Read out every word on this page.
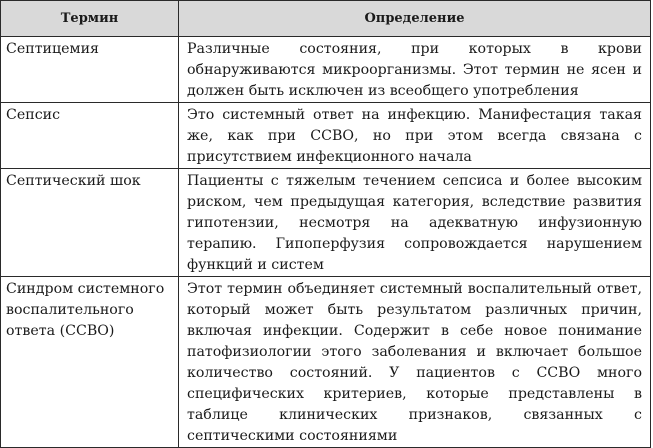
Термин	Определение
Септицемия	Различные состояния, при которых в крови обнаруживаются микроорганизмы. Этот термин не ясен и должен быть исключен из всеобщего употребления
Сепсис	Это системный ответ на инфекцию. Манифестация такая же, как при ССВО, но при этом всегда связана с присутствием инфекционного начала
Септический шок	Пациенты с тяжелым течением сепсиса и более высоким риском, чем предыдущая категория, вследствие развития гипотензии, несмотря на адекватную инфузионную терапию. Гипоперфузия сопровождается нарушением функций и систем
Синдром системного воспалительного ответа (ССВО)	Этот термин объединяет системный воспалительный ответ, который может быть результатом различных причин, включая инфекции. Содержит в себе новое понимание патофизиологии этого заболевания и включает большое количество состояний. У пациентов с ССВО много специфических критериев, которые представлены в таблице клинических признаков, связанных с септическими состояниями
